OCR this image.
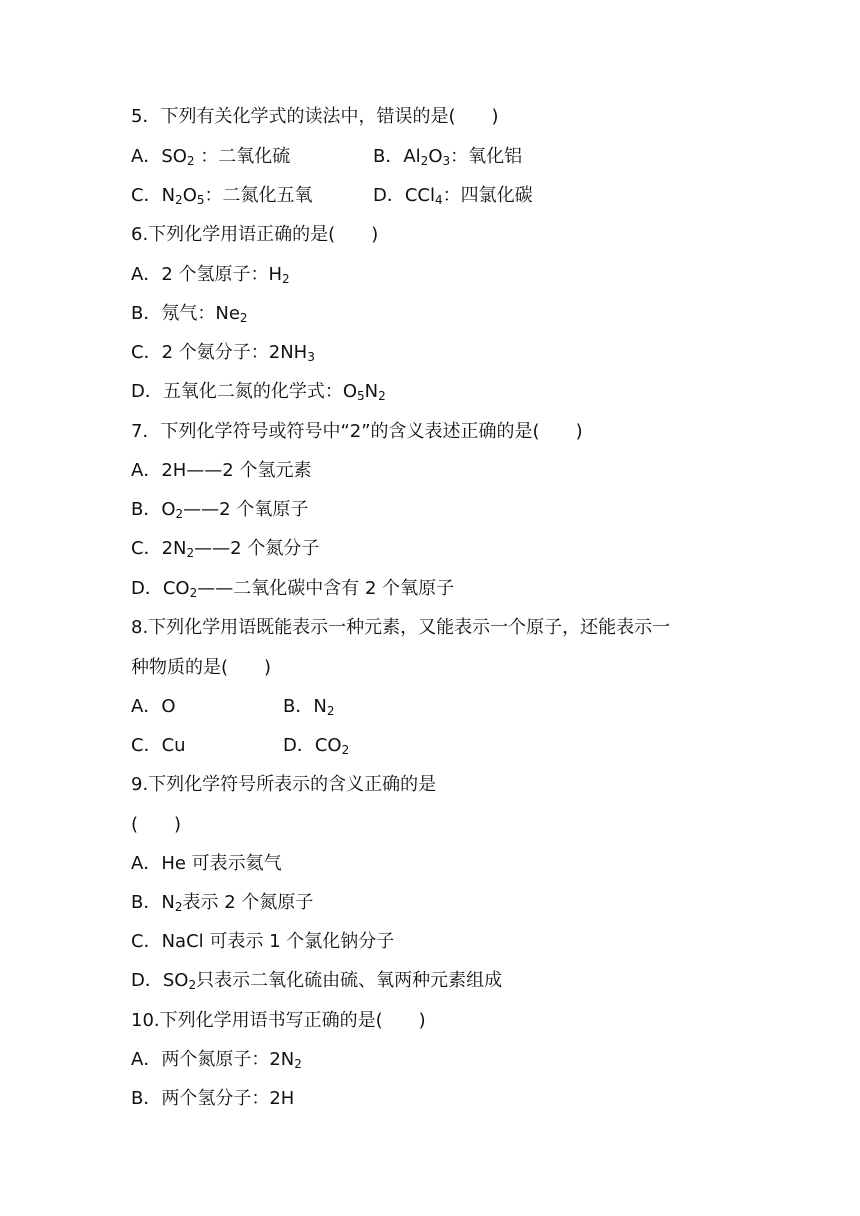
5．下列有关化学式的读法中，错误的是(　　)
A．$SO_2$ ：二氧化硫	B．$Al_2O_3$：氧化铝
C．$N_2O_5$：二氮化五氧	D．CCl$_4$：四氯化碳
6.下列化学用语正确的是(　　)
A．2 个氢原子：$H_2$
B．氖气：$Ne_2$
C．2 个氨分子：$2NH_3$
D．五氧化二氮的化学式：$O_5N_2$
7．下列化学符号或符号中“2”的含义表述正确的是(　　)
A．2H——2 个氢元素
B．$O_2——2$ 个氧原子
C．$2N_2——2$ 个氮分子
D．$CO_2——$二氧化碳中含有 2 个氧原子
8.下列化学用语既能表示一种元素，又能表示一个原子，还能表示一
种物质的是(　　)
A．O	B．$N_2$
C．Cu	D．$CO_2$
9.下列化学符号所表示的含义正确的是
(　　)
A．He 可表示氦气
B．$N_2$表示 2 个氮原子
C．NaCl 可表示 1 个氯化钠分子
D．$SO_2$只表示二氧化硫由硫、氧两种元素组成
10.下列化学用语书写正确的是(　　)
A．两个氮原子：$2N_2$
B．两个氢分子：2H
